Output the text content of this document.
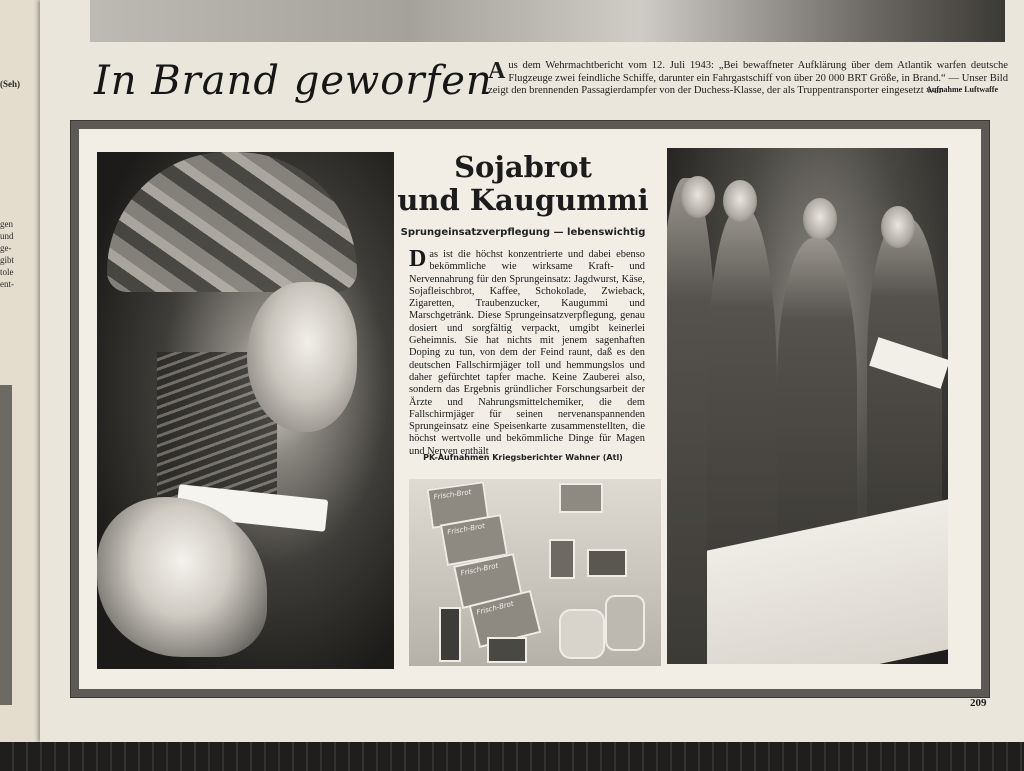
(Seh)
gen
und
ge-
gibt
tole
ent-
In Brand geworfen
A us dem Wehrmachtbericht vom 12. Juli 1943: „Bei bewaffneter Aufklärung über dem Atlantik warfen deutsche Flugzeuge zwei feindliche Schiffe, darunter ein Fahrgastschiff von über 20 000 BRT Größe, in Brand.“ — Unser Bild zeigt den brennenden Passagierdampfer von der Duchess-Klasse, der als Truppentransporter eingesetzt war
Aufnahme Luftwaffe
Sojabrot
und Kaugummi
Sprungeinsatzverpflegung — lebenswichtig
D as ist die höchst konzentrierte und dabei ebenso bekömmliche wie wirksame Kraft- und Nervennahrung für den Sprungeinsatz: Jagdwurst, Käse, Sojafleischbrot, Kaffee, Schokolade, Zwieback, Zigaretten, Traubenzucker, Kaugummi und Marschgetränk. Diese Sprungeinsatzverpflegung, genau dosiert und sorgfältig verpackt, umgibt keinerlei Geheimnis. Sie hat nichts mit jenem sagenhaften Doping zu tun, von dem der Feind raunt, daß es den deutschen Fallschirmjäger toll und hemmungslos und daher gefürchtet tapfer mache. Keine Zauberei also, sondern das Ergebnis gründlicher Forschungsarbeit der Ärzte und Nahrungsmittelchemiker, die dem Fallschirmjäger für seinen nervenanspannenden Sprungeinsatz eine Speisenkarte zusammenstellten, die höchst wertvolle und bekömmliche Dinge für Magen und Nerven enthält
PK-Aufnahmen Kriegsberichter Wahner (Atl)
Frisch-Brot
Frisch-Brot
Frisch-Brot
Frisch-Brot
209
